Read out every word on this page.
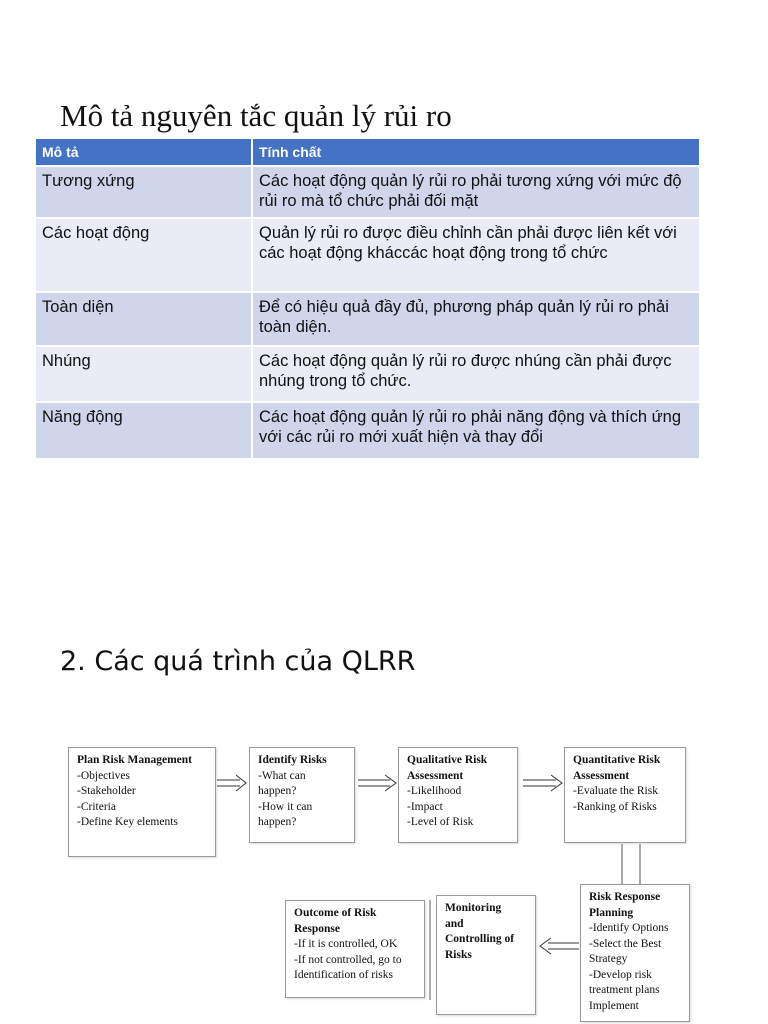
Mô tả nguyên tắc quản lý rủi ro
Mô tả	Tính chất
Tương xứng	Các hoạt động quản lý rủi ro phải tương xứng với mức độ rủi ro mà tổ chức phải đối mặt
Các hoạt động	Quản lý rủi ro được điều chỉnh cần phải được liên kết với các hoạt động kháccác hoạt động trong tổ chức
Toàn diện	Để có hiệu quả đầy đủ, phương pháp quản lý rủi ro phải toàn diện.
Nhúng	Các hoạt động quản lý rủi ro được nhúng cần phải được nhúng trong tổ chức.
Năng động	Các hoạt động quản lý rủi ro phải năng động và thích ứng với các rủi ro mới xuất hiện và thay đổi
2. Các quá trình của QLRR
Plan Risk Management
-Objectives
-Stakeholder
-Criteria
-Define Key elements
Identify Risks
-What can
happen?
-How it can
happen?
Qualitative Risk
Assessment
-Likelihood
-Impact
-Level of Risk
Quantitative Risk
Assessment
-Evaluate the Risk
-Ranking of Risks
Risk Response
Planning
-Identify Options
-Select the Best
Strategy
-Develop risk
treatment plans
Implement
Monitoring
and
Controlling of
Risks
Outcome of Risk
Response
-If it is controlled, OK
-If not controlled, go to
Identification of risks
